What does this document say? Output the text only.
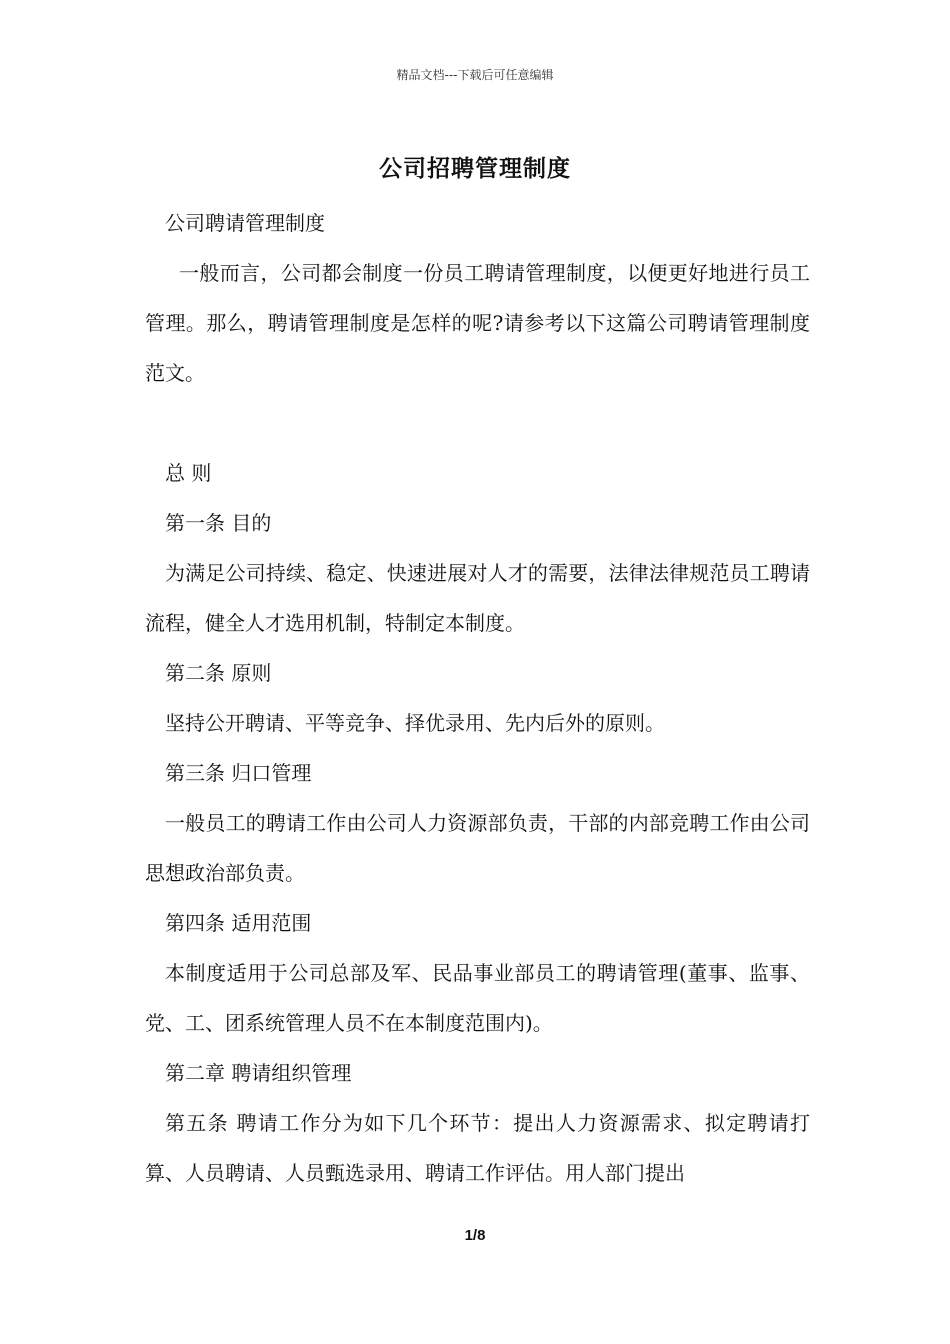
精品文档---下载后可任意编辑
公司招聘管理制度

公司聘请管理制度

一般而言，公司都会制度一份员工聘请管理制度，以便更好地进行员工管理。那么，聘请管理制度是怎样的呢?请参考以下这篇公司聘请管理制度范文。

总 则

第一条 目的

为满足公司持续、稳定、快速进展对人才的需要，法律法律规范员工聘请流程，健全人才选用机制，特制定本制度。

第二条 原则

坚持公开聘请、平等竞争、择优录用、先内后外的原则。

第三条 归口管理

一般员工的聘请工作由公司人力资源部负责，干部的内部竞聘工作由公司思想政治部负责。

第四条 适用范围

本制度适用于公司总部及军、民品事业部员工的聘请管理(董事、监事、党、工、团系统管理人员不在本制度范围内)。

第二章 聘请组织管理

第五条 聘请工作分为如下几个环节：提出人力资源需求、拟定聘请打算、人员聘请、人员甄选录用、聘请工作评估。用人部门提出

1/8
